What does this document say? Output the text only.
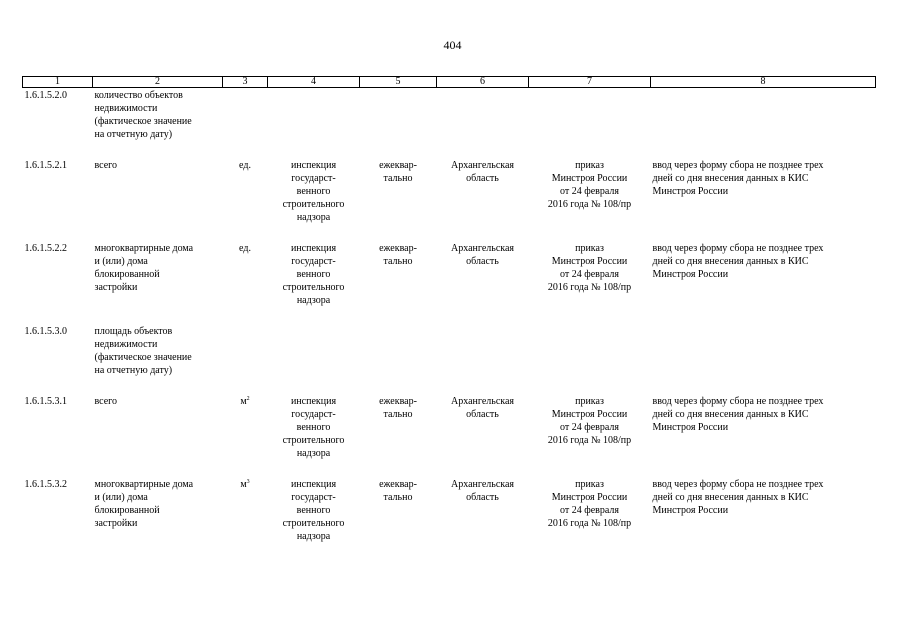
404
1	2	3	4	5	6	7	8
1.6.1.5.2.0	количество объектов
недвижимости
(фактическое значение
на отчетную дату)						
1.6.1.5.2.1	всего	ед.	инспекция
государст-
венного
строительного
надзора	ежеквар-
тально	Архангельская
область	приказ
Минстроя России
от 24 февраля
2016 года № 108/пр	ввод через форму сбора не позднее трех
дней со дня внесения данных в КИС
Минстроя России
1.6.1.5.2.2	многоквартирные дома
и (или) дома
блокированной
застройки	ед.	инспекция
государст-
венного
строительного
надзора	ежеквар-
тально	Архангельская
область	приказ
Минстроя России
от 24 февраля
2016 года № 108/пр	ввод через форму сбора не позднее трех
дней со дня внесения данных в КИС
Минстроя России
1.6.1.5.3.0	площадь объектов
недвижимости
(фактическое значение
на отчетную дату)						
1.6.1.5.3.1	всего	$м^2$	инспекция
государст-
венного
строительного
надзора	ежеквар-
тально	Архангельская
область	приказ
Минстроя России
от 24 февраля
2016 года № 108/пр	ввод через форму сбора не позднее трех
дней со дня внесения данных в КИС
Минстроя России
1.6.1.5.3.2	многоквартирные дома
и (или) дома
блокированной
застройки	$м^3$	инспекция
государст-
венного
строительного
надзора	ежеквар-
тально	Архангельская
область	приказ
Минстроя России
от 24 февраля
2016 года № 108/пр	ввод через форму сбора не позднее трех
дней со дня внесения данных в КИС
Минстроя России
